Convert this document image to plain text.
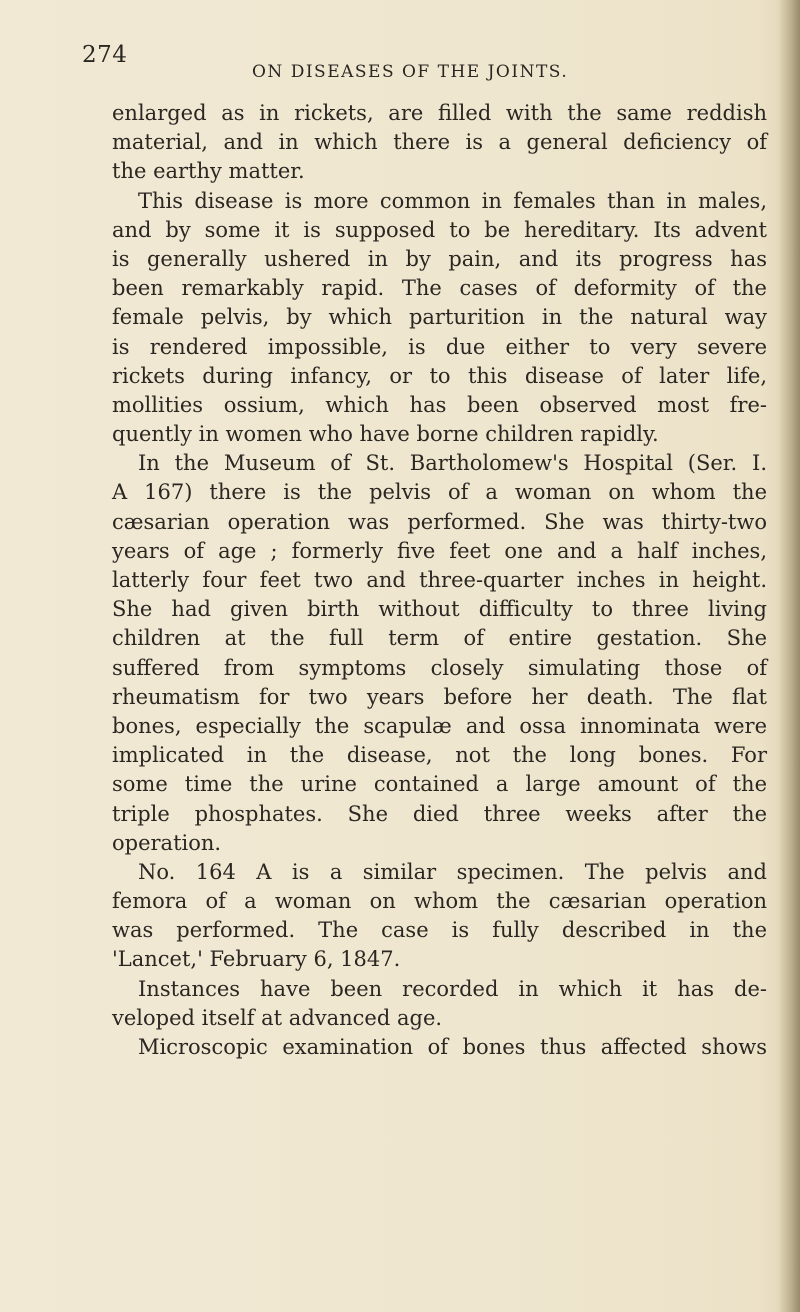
274
ON DISEASES OF THE JOINTS.
enlarged as in rickets, are filled with the same reddish
material, and in which there is a general deficiency of
the earthy matter.
This disease is more common in females than in males,
and by some it is supposed to be hereditary. Its advent
is generally ushered in by pain, and its progress has
been remarkably rapid. The cases of deformity of the
female pelvis, by which parturition in the natural way
is rendered impossible, is due either to very severe
rickets during infancy, or to this disease of later life,
mollities ossium, which has been observed most fre-
quently in women who have borne children rapidly.
In the Museum of St. Bartholomew's Hospital (Ser. I.
A 167) there is the pelvis of a woman on whom the
cæsarian operation was performed. She was thirty-two
years of age ; formerly five feet one and a half inches,
latterly four feet two and three-quarter inches in height.
She had given birth without difficulty to three living
children at the full term of entire gestation. She
suffered from symptoms closely simulating those of
rheumatism for two years before her death. The flat
bones, especially the scapulæ and ossa innominata were
implicated in the disease, not the long bones. For
some time the urine contained a large amount of the
triple phosphates. She died three weeks after the
operation.
No. 164 A is a similar specimen. The pelvis and
femora of a woman on whom the cæsarian operation
was performed. The case is fully described in the
'Lancet,' February 6, 1847.
Instances have been recorded in which it has de-
veloped itself at advanced age.
Microscopic examination of bones thus affected shows
